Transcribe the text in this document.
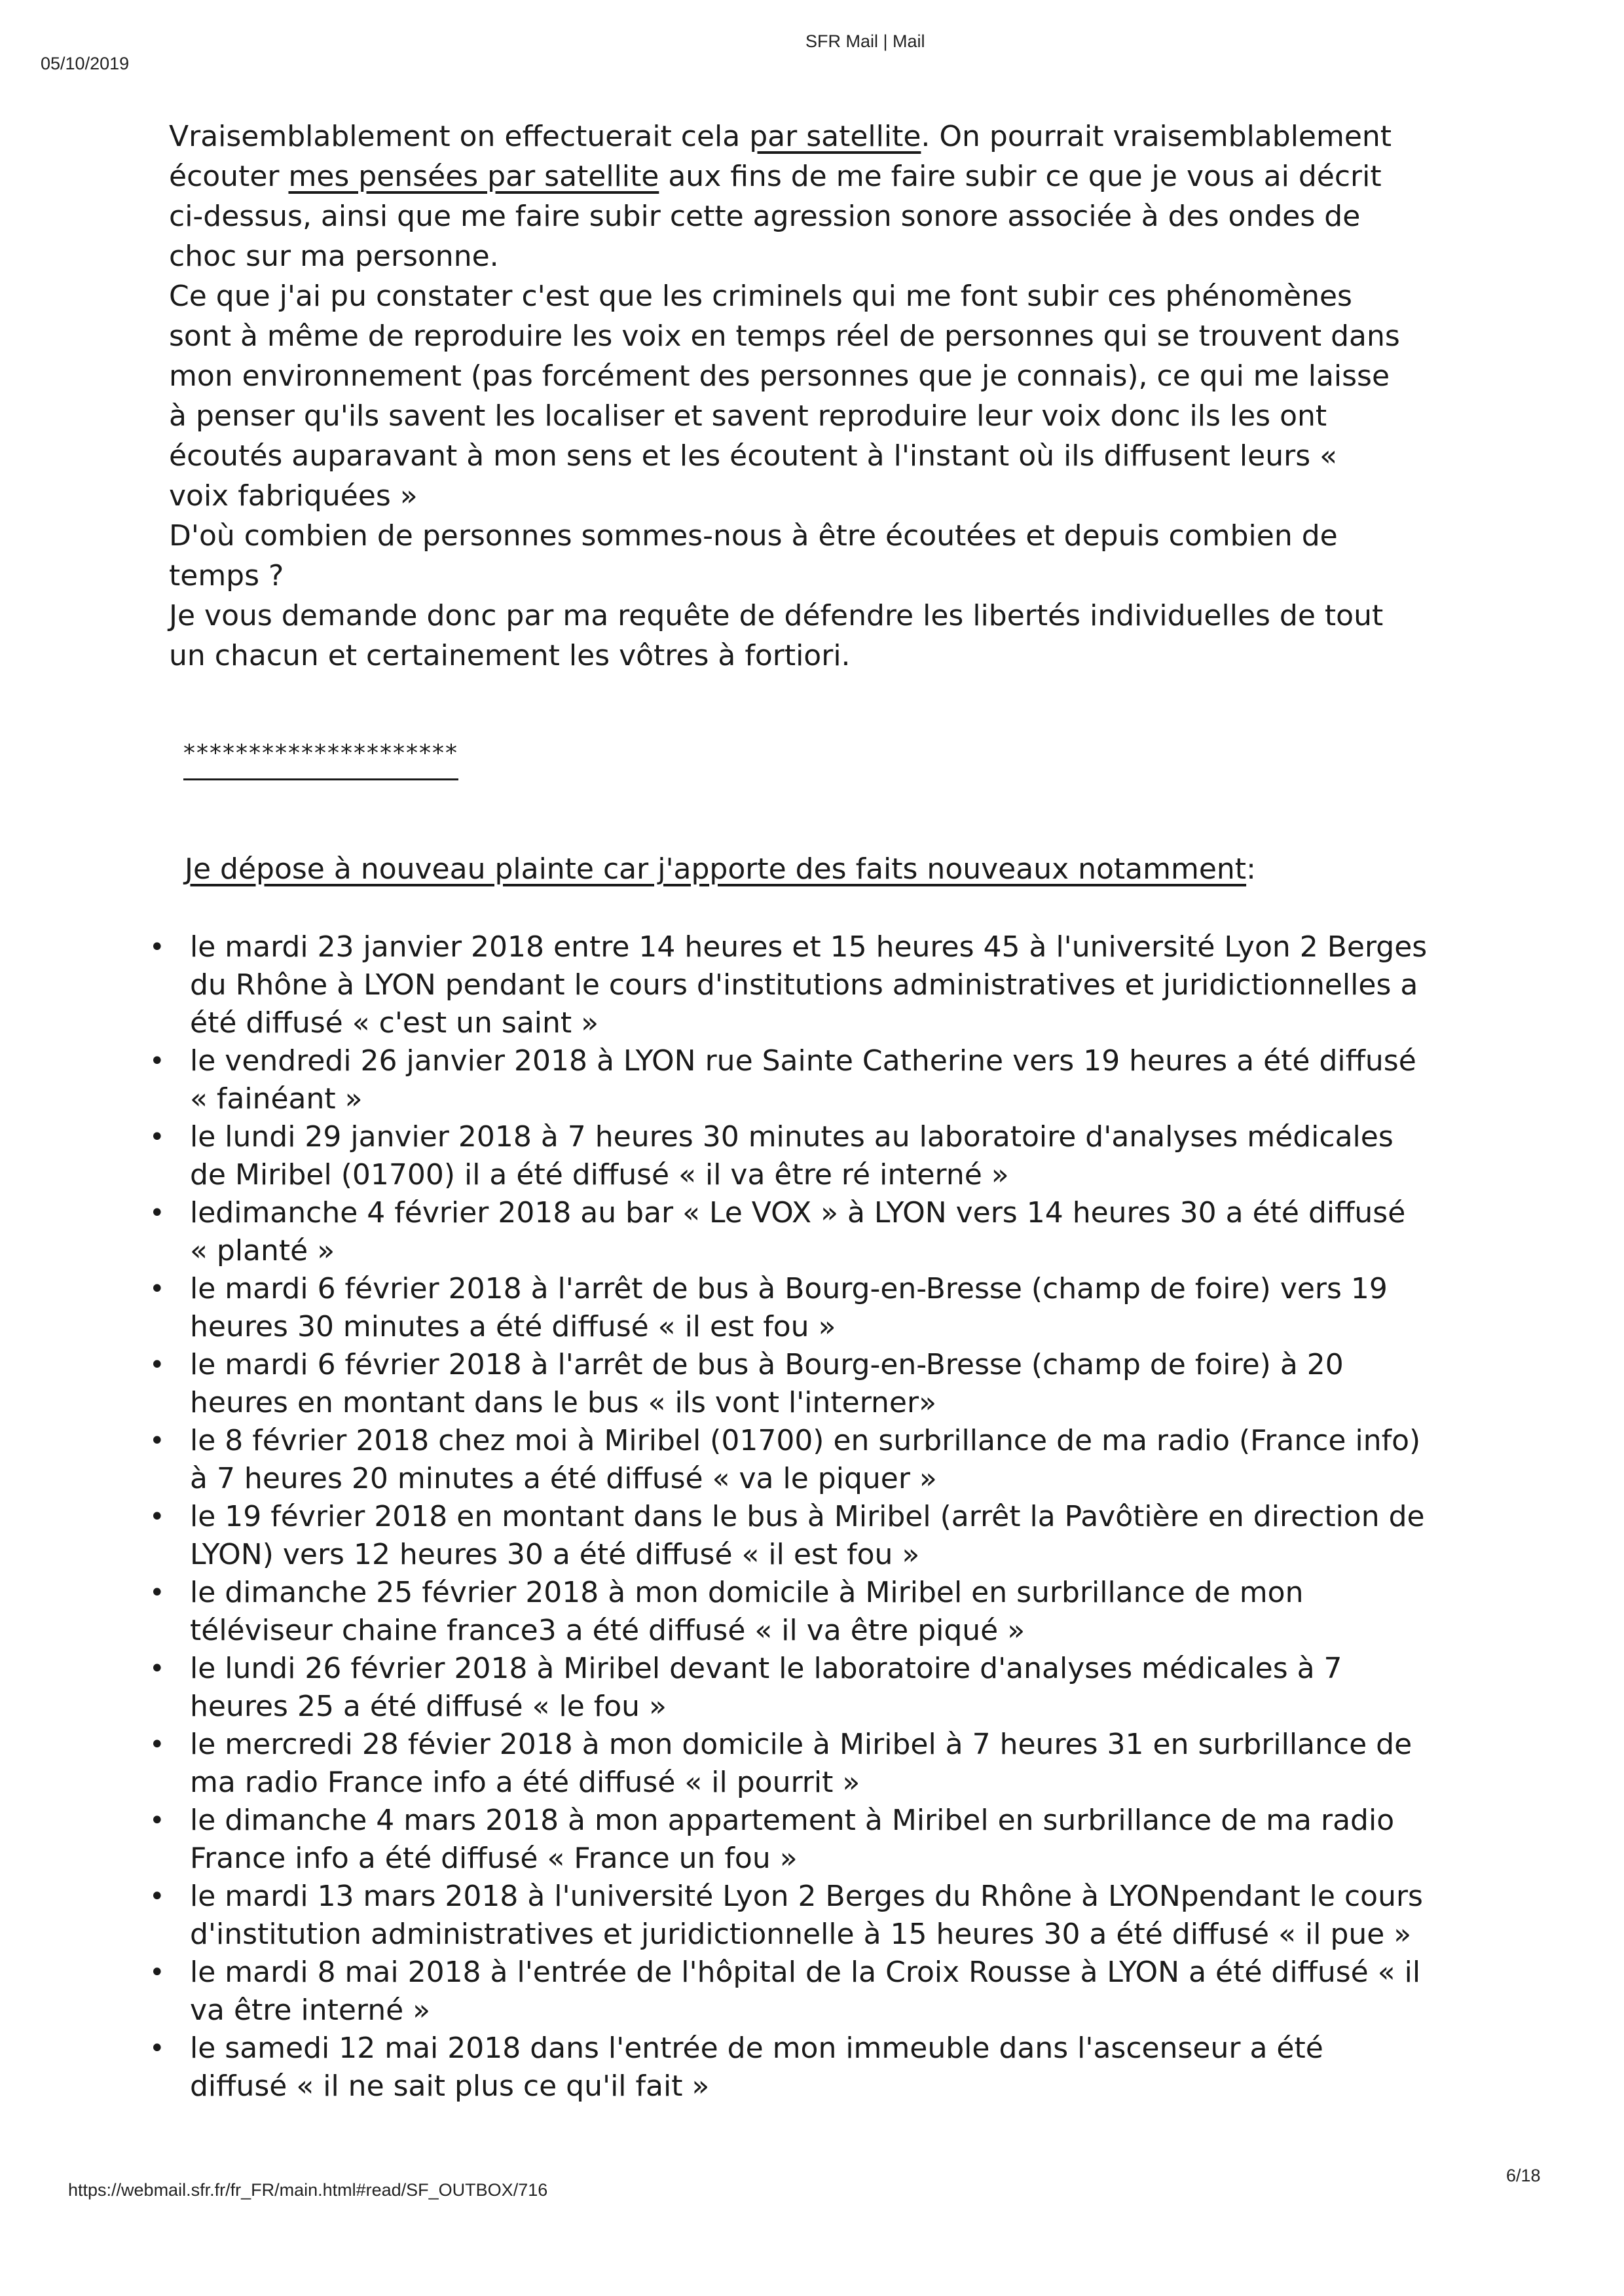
05/10/2019
SFR Mail | Mail

Vraisemblablement on effectuerait cela par satellite. On pourrait vraisemblablement écouter mes pensées par satellite aux fins de me faire subir ce que je vous ai décrit ci-dessus, ainsi que me faire subir cette agression sonore associée à des ondes de choc sur ma personne.

Ce que j'ai pu constater c'est que les criminels qui me font subir ces phénomènes sont à même de reproduire les voix en temps réel de personnes qui se trouvent dans mon environnement (pas forcément des personnes que je connais), ce qui me laisse à penser qu'ils savent les localiser et savent reproduire leur voix donc ils les ont écoutés auparavant à mon sens et les écoutent à l'instant où ils diffusent leurs « voix fabriquées »

D'où combien de personnes sommes-nous à être écoutées et depuis combien de temps ?

Je vous demande donc par ma requête de défendre les libertés individuelles de tout un chacun et certainement les vôtres à fortiori.

*********************
Je dépose à nouveau plainte car j'apporte des faits nouveaux notamment:
• le mardi 23 janvier 2018 entre 14 heures et 15 heures 45 à l'université Lyon 2 Berges du Rhône à LYON pendant le cours d'institutions administratives et juridictionnelles a été diffusé « c'est un saint »
• le vendredi 26 janvier 2018 à LYON rue Sainte Catherine vers 19 heures a été diffusé « fainéant »
• le lundi 29 janvier 2018 à 7 heures 30 minutes au laboratoire d'analyses médicales de Miribel (01700) il a été diffusé « il va être ré interné »
• ledimanche 4 février 2018 au bar « Le VOX » à LYON vers 14 heures 30 a été diffusé « planté »
• le mardi 6 février 2018 à l'arrêt de bus à Bourg-en-Bresse (champ de foire) vers 19 heures 30 minutes a été diffusé « il est fou »
• le mardi 6 février 2018 à l'arrêt de bus à Bourg-en-Bresse (champ de foire) à 20 heures en montant dans le bus « ils vont l'interner»
• le 8 février 2018 chez moi à Miribel (01700) en surbrillance de ma radio (France info) à 7 heures 20 minutes a été diffusé « va le piquer »
• le 19 février 2018 en montant dans le bus à Miribel (arrêt la Pavôtière en direction de LYON) vers 12 heures 30 a été diffusé « il est fou »
• le dimanche 25 février 2018 à mon domicile à Miribel en surbrillance de mon téléviseur chaine france3 a été diffusé « il va être piqué »
• le lundi 26 février 2018 à Miribel devant le laboratoire d'analyses médicales à 7 heures 25 a été diffusé « le fou »
• le mercredi 28 févier 2018 à mon domicile à Miribel à 7 heures 31 en surbrillance de ma radio France info a été diffusé « il pourrit »
• le dimanche 4 mars 2018 à mon appartement à Miribel en surbrillance de ma radio France info a été diffusé « France un fou »
• le mardi 13 mars 2018 à l'université Lyon 2 Berges du Rhône à LYONpendant le cours d'institution administratives et juridictionnelle à 15 heures 30 a été diffusé « il pue »
• le mardi 8 mai 2018 à l'entrée de l'hôpital de la Croix Rousse à LYON a été diffusé « il va être interné »
• le samedi 12 mai 2018 dans l'entrée de mon immeuble dans l'ascenseur a été diffusé « il ne sait plus ce qu'il fait »
https://webmail.sfr.fr/fr_FR/main.html#read/SF_OUTBOX/716
6/18
